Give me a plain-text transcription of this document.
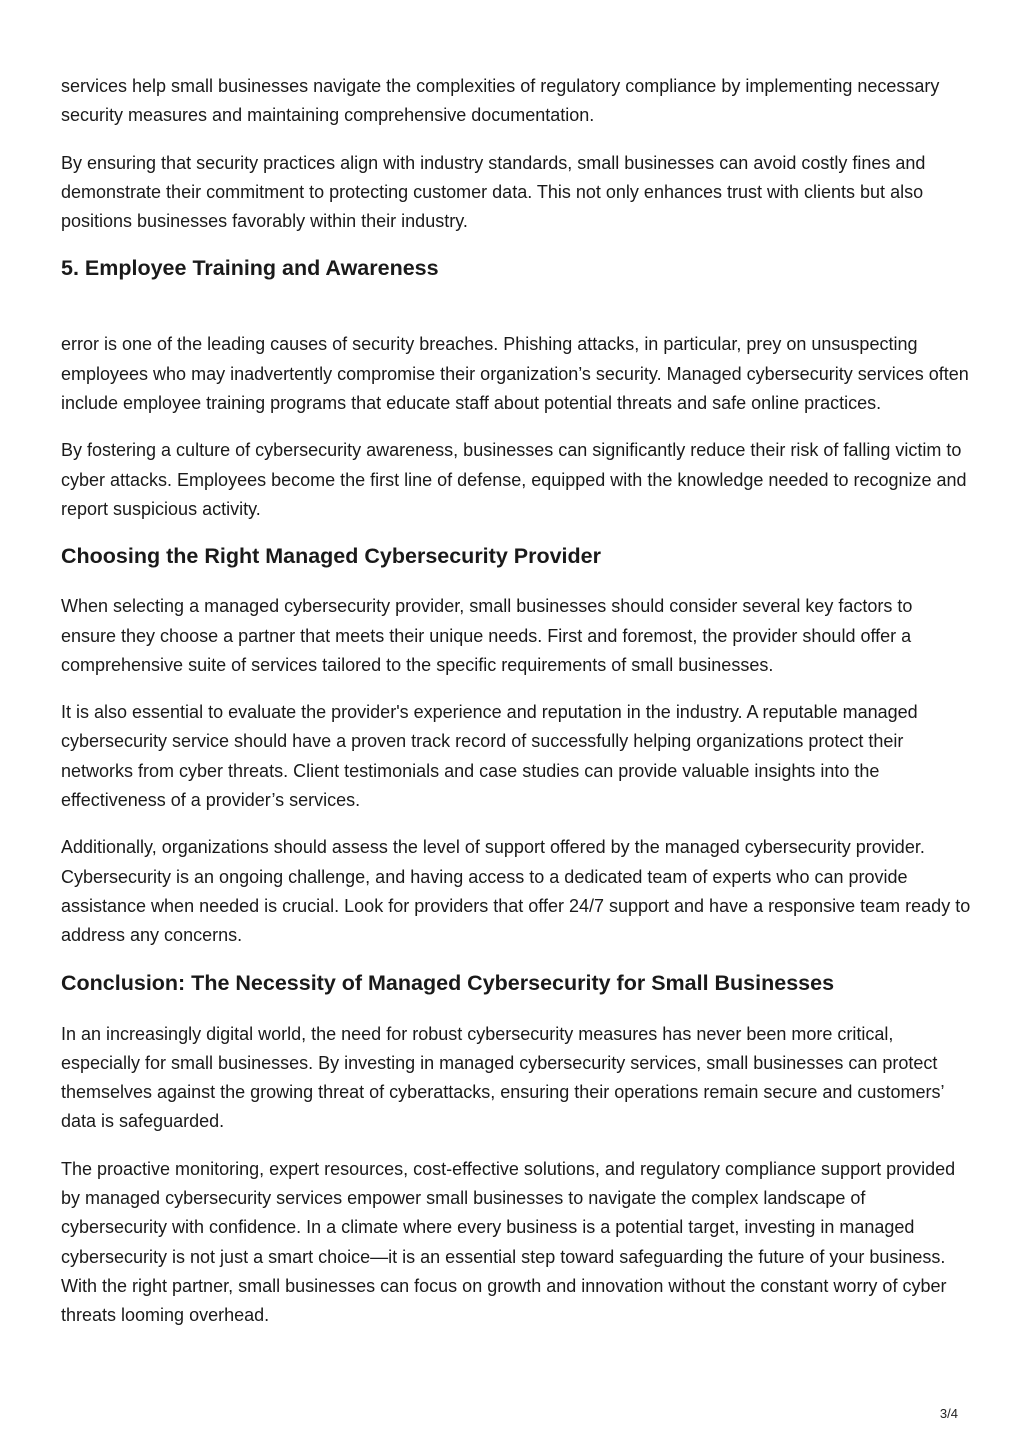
services help small businesses navigate the complexities of regulatory compliance by implementing necessary security measures and maintaining comprehensive documentation.

By ensuring that security practices align with industry standards, small businesses can avoid costly fines and demonstrate their commitment to protecting customer data. This not only enhances trust with clients but also positions businesses favorably within their industry.

5. Employee Training and Awareness

error is one of the leading causes of security breaches. Phishing attacks, in particular, prey on unsuspecting employees who may inadvertently compromise their organization’s security. Managed cybersecurity services often include employee training programs that educate staff about potential threats and safe online practices.

By fostering a culture of cybersecurity awareness, businesses can significantly reduce their risk of falling victim to cyber attacks. Employees become the first line of defense, equipped with the knowledge needed to recognize and report suspicious activity.

Choosing the Right Managed Cybersecurity Provider

When selecting a managed cybersecurity provider, small businesses should consider several key factors to ensure they choose a partner that meets their unique needs. First and foremost, the provider should offer a comprehensive suite of services tailored to the specific requirements of small businesses.

It is also essential to evaluate the provider's experience and reputation in the industry. A reputable managed cybersecurity service should have a proven track record of successfully helping organizations protect their networks from cyber threats. Client testimonials and case studies can provide valuable insights into the effectiveness of a provider’s services.

Additionally, organizations should assess the level of support offered by the managed cybersecurity provider. Cybersecurity is an ongoing challenge, and having access to a dedicated team of experts who can provide assistance when needed is crucial. Look for providers that offer 24/7 support and have a responsive team ready to address any concerns.

Conclusion: The Necessity of Managed Cybersecurity for Small Businesses

In an increasingly digital world, the need for robust cybersecurity measures has never been more critical, especially for small businesses. By investing in managed cybersecurity services, small businesses can protect themselves against the growing threat of cyberattacks, ensuring their operations remain secure and customers’ data is safeguarded.

The proactive monitoring, expert resources, cost-effective solutions, and regulatory compliance support provided by managed cybersecurity services empower small businesses to navigate the complex landscape of cybersecurity with confidence. In a climate where every business is a potential target, investing in managed cybersecurity is not just a smart choice—it is an essential step toward safeguarding the future of your business. With the right partner, small businesses can focus on growth and innovation without the constant worry of cyber threats looming overhead.

3/4
